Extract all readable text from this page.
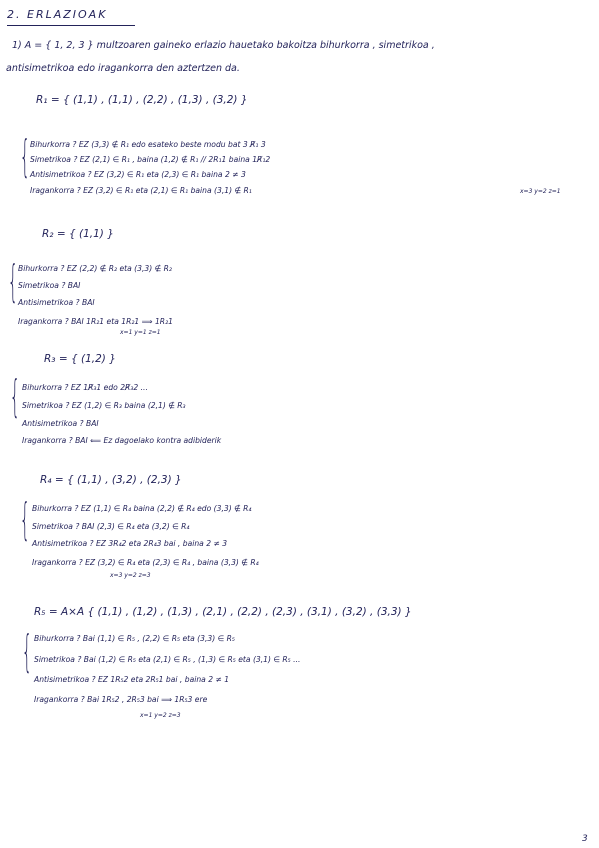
2. ERLAZIOAK
1) A = { 1, 2, 3 } multzoaren gaineko erlazio hauetako bakoitza bihurkorra , simetrikoa ,
antisimetrikoa edo iragankorra den aztertzen da.
R₁ = { (1,1) , (1,1) , (2,2) , (1,3) , (3,2) }
{ Bihurkorra ? EZ (3,3) ∉ R₁ edo esateko beste modu bat 3 R̸₁ 3
Simetrikoa ? EZ (2,1) ∈ R₁ , baina (1,2) ∉ R₁ // 2R₁1 baina 1R̸₁2
Antisimetrikoa ? EZ (3,2) ∈ R₁ eta (2,3) ∈ R₁ baina 2 ≠ 3
Iragankorra ? EZ (3,2) ∈ R₁ eta (2,1) ∈ R₁ baina (3,1) ∉ R₁	x=3 y=2 z=1
R₂ = { (1,1) }
{ Bihurkorra ? EZ (2,2) ∉ R₂ eta (3,3) ∉ R₂
Simetrikoa ? BAI
Antisimetrikoa ? BAI
Iragankorra ? BAI 1R₂1 eta 1R₂1 ⟹ 1R₂1
x=1 y=1 z=1
R₃ = { (1,2) }
{ Bihurkorra ? EZ 1R̸₃1 edo 2R̸₃2 ...
Simetrikoa ? EZ (1,2) ∈ R₃ baina (2,1) ∉ R₃
Antisimetrikoa ? BAI
Iragankorra ? BAI ⟸ Ez dagoelako kontra adibiderik
R₄ = { (1,1) , (3,2) , (2,3) }
{ Bihurkorra ? EZ (1,1) ∈ R₄ baina (2,2) ∉ R₄ edo (3,3) ∉ R₄
Simetrikoa ? BAI (2,3) ∈ R₄ eta (3,2) ∈ R₄
Antisimetrikoa ? EZ 3R₄2 eta 2R₄3 bai , baina 2 ≠ 3
Iragankorra ? EZ (3,2) ∈ R₄ eta (2,3) ∈ R₄ , baina (3,3) ∉ R₄
x=3 y=2 z=3
R₅ = A×A { (1,1) , (1,2) , (1,3) , (2,1) , (2,2) , (2,3) , (3,1) , (3,2) , (3,3) }
{ Bihurkorra ? Bai (1,1) ∈ R₅ , (2,2) ∈ R₅ eta (3,3) ∈ R₅
Simetrikoa ? Bai (1,2) ∈ R₅ eta (2,1) ∈ R₅ , (1,3) ∈ R₅ eta (3,1) ∈ R₅ ...
Antisimetrikoa ? EZ 1R₅2 eta 2R₅1 bai , baina 2 ≠ 1
Iragankorra ? Bai 1R₅2 , 2R₅3 bai ⟹ 1R₅3 ere
x=1 y=2 z=3
3
